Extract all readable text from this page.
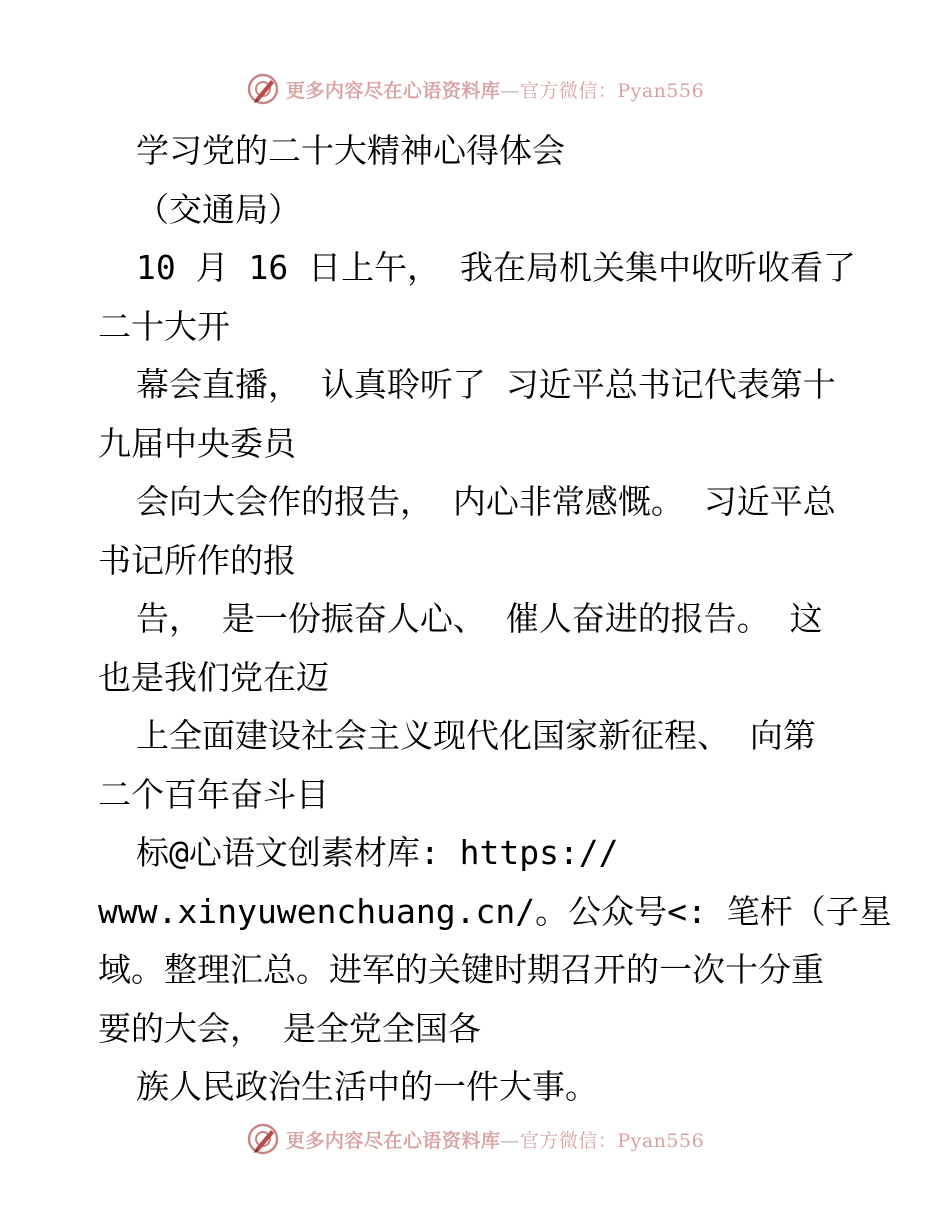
更多内容尽在心语资料库—官方微信：Pyan556
学习党的二十大精神心得体会
（交通局）
10 月 16 日上午， 我在局机关集中收听收看了
二十大开
幕会直播， 认真聆听了 习近平总书记代表第十
九届中央委员
会向大会作的报告， 内心非常感慨。 习近平总
书记所作的报
告， 是一份振奋人心、 催人奋进的报告。 这
也是我们党在迈
上全面建设社会主义现代化国家新征程、 向第
二个百年奋斗目
标@心语文创素材库: https://
www.xinyuwenchuang.cn/。公众号<: 笔杆（子星
域。整理汇总。进军的关键时期召开的一次十分重
要的大会， 是全党全国各
族人民政治生活中的一件大事。
更多内容尽在心语资料库—官方微信：Pyan556
